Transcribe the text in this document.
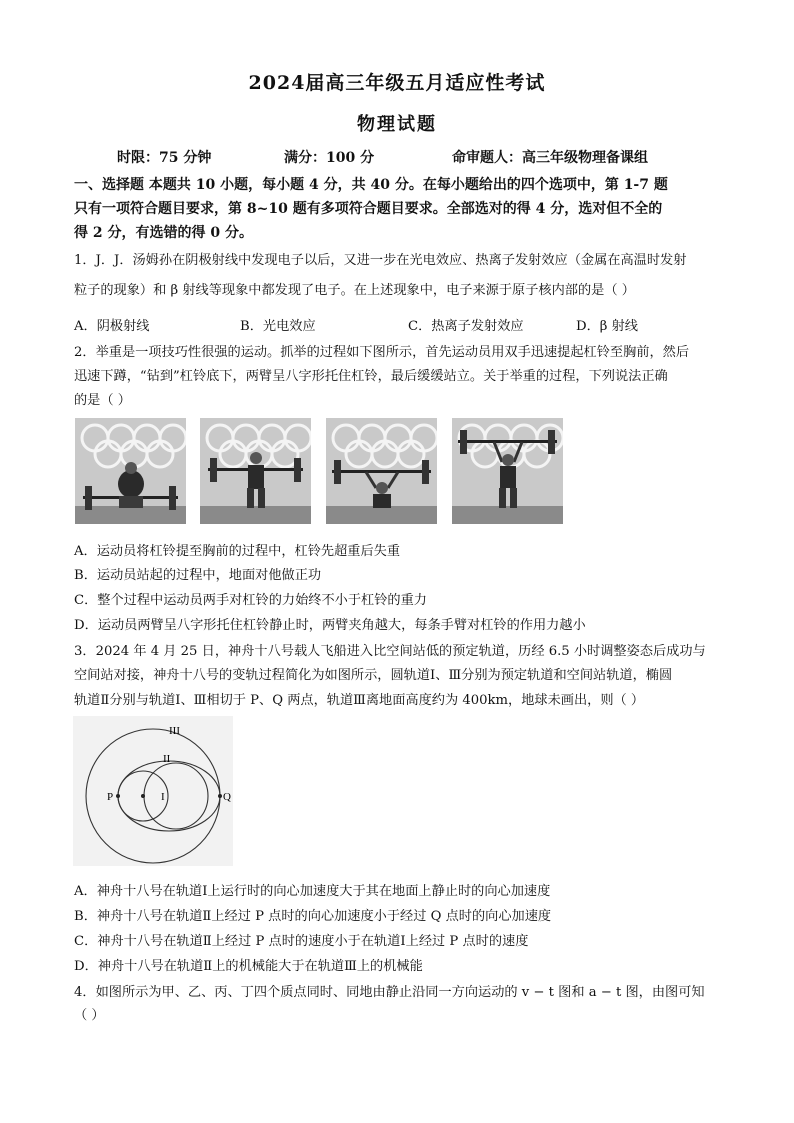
2024届高三年级五月适应性考试
物理试题
时限：75 分钟	满分：100 分	命审题人：高三年级物理备课组
一、选择题 本题共 10 小题，每小题 4 分，共 40 分。在每小题给出的四个选项中，第 1-7 题
只有一项符合题目要求，第 8~10 题有多项符合题目要求。全部选对的得 4 分，选对但不全的
得 2 分，有选错的得 0 分。
1．J．J．汤姆孙在阴极射线中发现电子以后，又进一步在光电效应、热离子发射效应（金属在高温时发射
粒子的现象）和 β 射线等现象中都发现了电子。在上述现象中，电子来源于原子核内部的是（ ）
A．阴极射线	B．光电效应	C．热离子发射效应	D．β 射线
2．举重是一项技巧性很强的运动。抓举的过程如下图所示，首先运动员用双手迅速提起杠铃至胸前，然后
迅速下蹲，“钻到”杠铃底下，两臂呈八字形托住杠铃，最后缓缓站立。关于举重的过程，下列说法正确
的是（ ）
A．运动员将杠铃提至胸前的过程中，杠铃先超重后失重
B．运动员站起的过程中，地面对他做正功
C．整个过程中运动员两手对杠铃的力始终不小于杠铃的重力
D．运动员两臂呈八字形托住杠铃静止时，两臂夹角越大，每条手臂对杠铃的作用力越小
3．2024 年 4 月 25 日，神舟十八号载人飞船进入比空间站低的预定轨道，历经 6.5 小时调整姿态后成功与
空间站对接，神舟十八号的变轨过程简化为如图所示，圆轨道Ⅰ、Ⅲ分别为预定轨道和空间站轨道，椭圆
轨道Ⅱ分别与轨道Ⅰ、Ⅲ相切于 P、Q 两点，轨道Ⅲ离地面高度约为 400km，地球未画出，则（ ）
III
II
I
P	Q
A．神舟十八号在轨道Ⅰ上运行时的向心加速度大于其在地面上静止时的向心加速度
B．神舟十八号在轨道Ⅱ上经过 P 点时的向心加速度小于经过 Q 点时的向心加速度
C．神舟十八号在轨道Ⅱ上经过 P 点时的速度小于在轨道Ⅰ上经过 P 点时的速度
D．神舟十八号在轨道Ⅱ上的机械能大于在轨道Ⅲ上的机械能
4．如图所示为甲、乙、丙、丁四个质点同时、同地由静止沿同一方向运动的 v − t 图和 a − t 图，由图可知
（ ）
